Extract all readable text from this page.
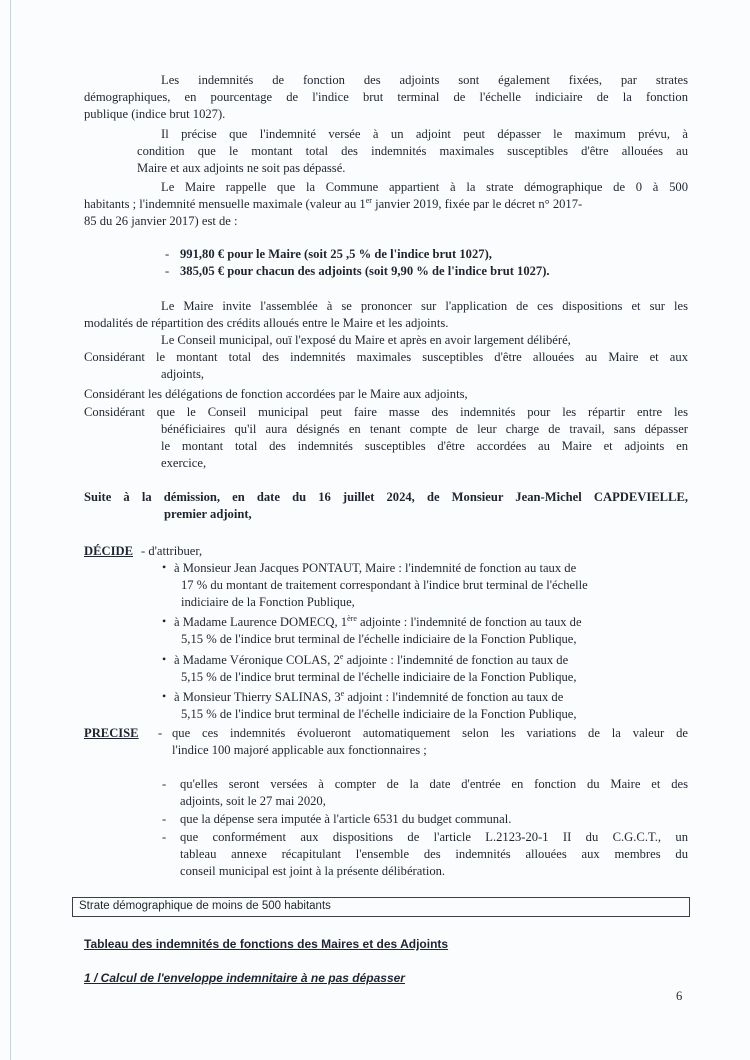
Les indemnités de fonction des adjoints sont également fixées, par strates
démographiques, en pourcentage de l'indice brut terminal de l'échelle indiciaire de la fonction
publique (indice brut 1027).
Il précise que l'indemnité versée à un adjoint peut dépasser le maximum prévu, à
condition que le montant total des indemnités maximales susceptibles d'être allouées au
Maire et aux adjoints ne soit pas dépassé.
Le Maire rappelle que la Commune appartient à la strate démographique de 0 à 500
habitants ; l'indemnité mensuelle maximale (valeur au 1er janvier 2019, fixée par le décret n° 2017-
85 du 26 janvier 2017) est de :
- 991,80 € pour le Maire (soit 25 ,5 % de l'indice brut 1027),
- 385,05 € pour chacun des adjoints (soit 9,90 % de l'indice brut 1027).
Le Maire invite l'assemblée à se prononcer sur l'application de ces dispositions et sur les
modalités de répartition des crédits alloués entre le Maire et les adjoints.
Le Conseil municipal, ouï l'exposé du Maire et après en avoir largement délibéré,
Considérant le montant total des indemnités maximales susceptibles d'être allouées au Maire et aux
adjoints,
Considérant les délégations de fonction accordées par le Maire aux adjoints,
Considérant que le Conseil municipal peut faire masse des indemnités pour les répartir entre les
bénéficiaires qu'il aura désignés en tenant compte de leur charge de travail, sans dépasser
le montant total des indemnités susceptibles d'être accordées au Maire et adjoints en
exercice,
Suite à la démission, en date du 16 juillet 2024, de Monsieur Jean-Michel CAPDEVIELLE,
premier adjoint,
DÉCIDE - d'attribuer,
• à Monsieur Jean Jacques PONTAUT, Maire : l'indemnité de fonction au taux de
17 % du montant de traitement correspondant à l'indice brut terminal de l'échelle
indiciaire de la Fonction Publique,
• à Madame Laurence DOMECQ, 1ère adjointe : l'indemnité de fonction au taux de
5,15 % de l'indice brut terminal de l'échelle indiciaire de la Fonction Publique,
• à Madame Véronique COLAS, 2e adjointe : l'indemnité de fonction au taux de
5,15 % de l'indice brut terminal de l'échelle indiciaire de la Fonction Publique,
• à Monsieur Thierry SALINAS, 3e adjoint : l'indemnité de fonction au taux de
5,15 % de l'indice brut terminal de l'échelle indiciaire de la Fonction Publique,
PRECISE - que ces indemnités évolueront automatiquement selon les variations de la valeur de
l'indice 100 majoré applicable aux fonctionnaires ;
- qu'elles seront versées à compter de la date d'entrée en fonction du Maire et des
adjoints, soit le 27 mai 2020,
- que la dépense sera imputée à l'article 6531 du budget communal.
- que conformément aux dispositions de l'article L.2123-20-1 II du C.G.C.T., un
tableau annexe récapitulant l'ensemble des indemnités allouées aux membres du
conseil municipal est joint à la présente délibération.
Strate démographique de moins de 500 habitants
Tableau des indemnités de fonctions des Maires et des Adjoints
1 / Calcul de l'enveloppe indemnitaire à ne pas dépasser
6
